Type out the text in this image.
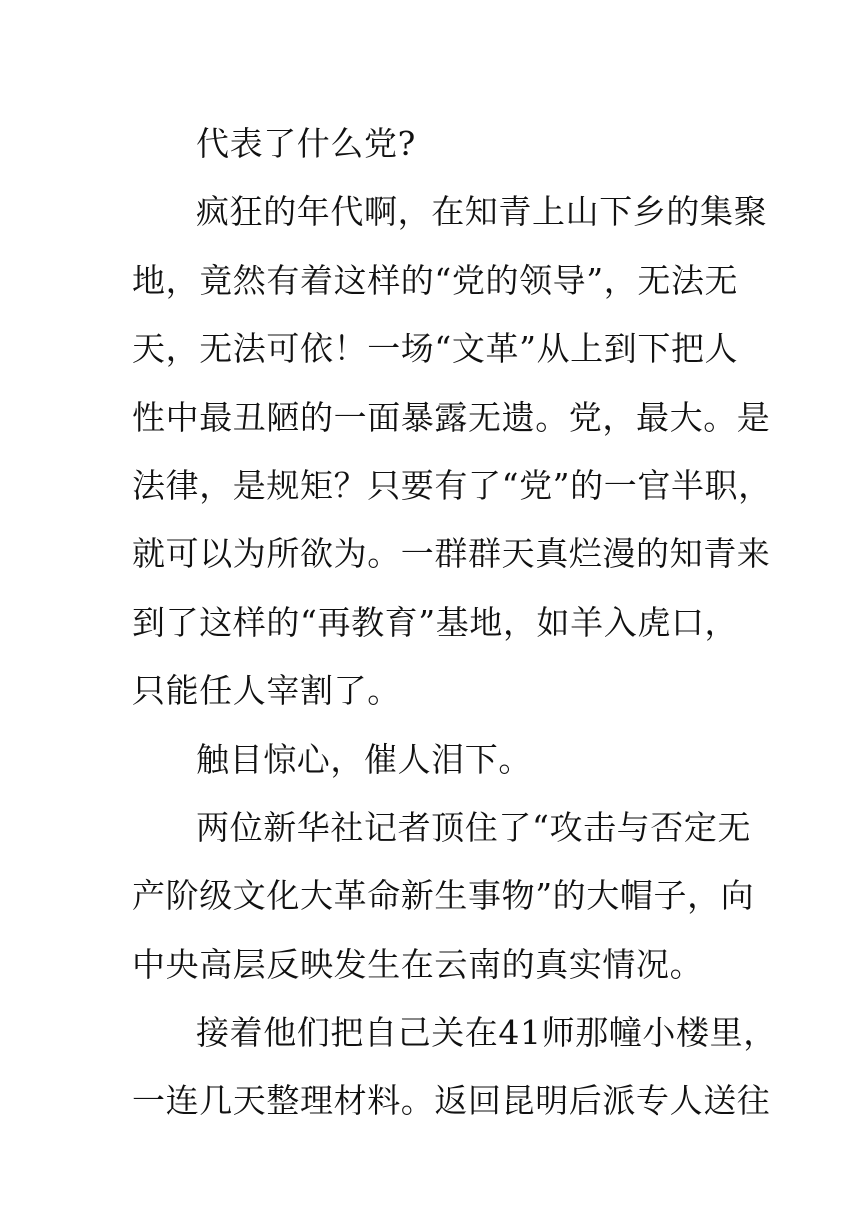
代表了什么党?
疯狂的年代啊，在知青上山下乡的集聚
地，竟然有着这样的“党的领导”，无法无
天，无法可依！一场“文革”从上到下把人
性中最丑陋的一面暴露无遗。党，最大。是
法律，是规矩？只要有了“党”的一官半职，
就可以为所欲为。一群群天真烂漫的知青来
到了这样的“再教育”基地，如羊入虎口，
只能任人宰割了。
触目惊心，催人泪下。
两位新华社记者顶住了“攻击与否定无
产阶级文化大革命新生事物”的大帽子，向
中央高层反映发生在云南的真实情况。
接着他们把自己关在41师那幢小楼里，
一连几天整理材料。返回昆明后派专人送往
